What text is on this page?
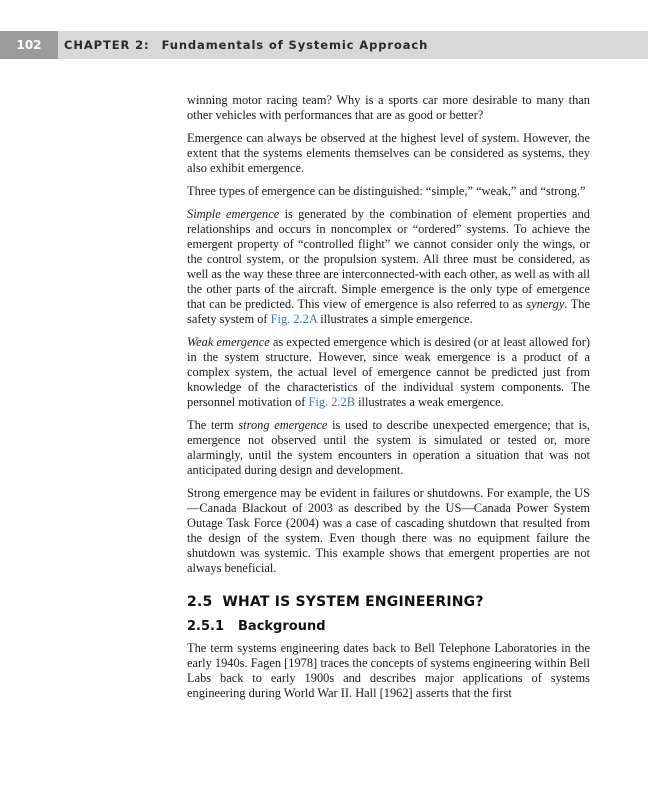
102	CHAPTER 2: Fundamentals of Systemic Approach

winning motor racing team? Why is a sports car more desirable to many than other vehicles with performances that are as good or better?

Emergence can always be observed at the highest level of system. However, the extent that the systems elements themselves can be considered as systems, they also exhibit emergence.

Three types of emergence can be distinguished: “simple,” “weak,” and “strong.”

Simple emergence is generated by the combination of element properties and relationships and occurs in noncomplex or “ordered” systems. To achieve the emergent property of “controlled flight” we cannot consider only the wings, or the control system, or the propulsion system. All three must be considered, as well as the way these three are interconnected-with each other, as well as with all the other parts of the aircraft. Simple emergence is the only type of emergence that can be predicted. This view of emergence is also referred to as synergy. The safety system of Fig. 2.2A illustrates a simple emergence.

Weak emergence as expected emergence which is desired (or at least allowed for) in the system structure. However, since weak emergence is a product of a complex system, the actual level of emergence cannot be predicted just from knowledge of the characteristics of the individual system components. The personnel motivation of Fig. 2.2B illustrates a weak emergence.

The term strong emergence is used to describe unexpected emergence; that is, emergence not observed until the system is simulated or tested or, more alarmingly, until the system encounters in operation a situation that was not anticipated during design and development.

Strong emergence may be evident in failures or shutdowns. For example, the US—Canada Blackout of 2003 as described by the US—Canada Power System Outage Task Force (2004) was a case of cascading shutdown that resulted from the design of the system. Even though there was no equipment failure the shutdown was systemic. This example shows that emergent properties are not always beneficial.

2.5 WHAT IS SYSTEM ENGINEERING?
2.5.1 Background

The term systems engineering dates back to Bell Telephone Laboratories in the early 1940s. Fagen [1978] traces the concepts of systems engineering within Bell Labs back to early 1900s and describes major applications of systems engineering during World War II. Hall [1962] asserts that the first
